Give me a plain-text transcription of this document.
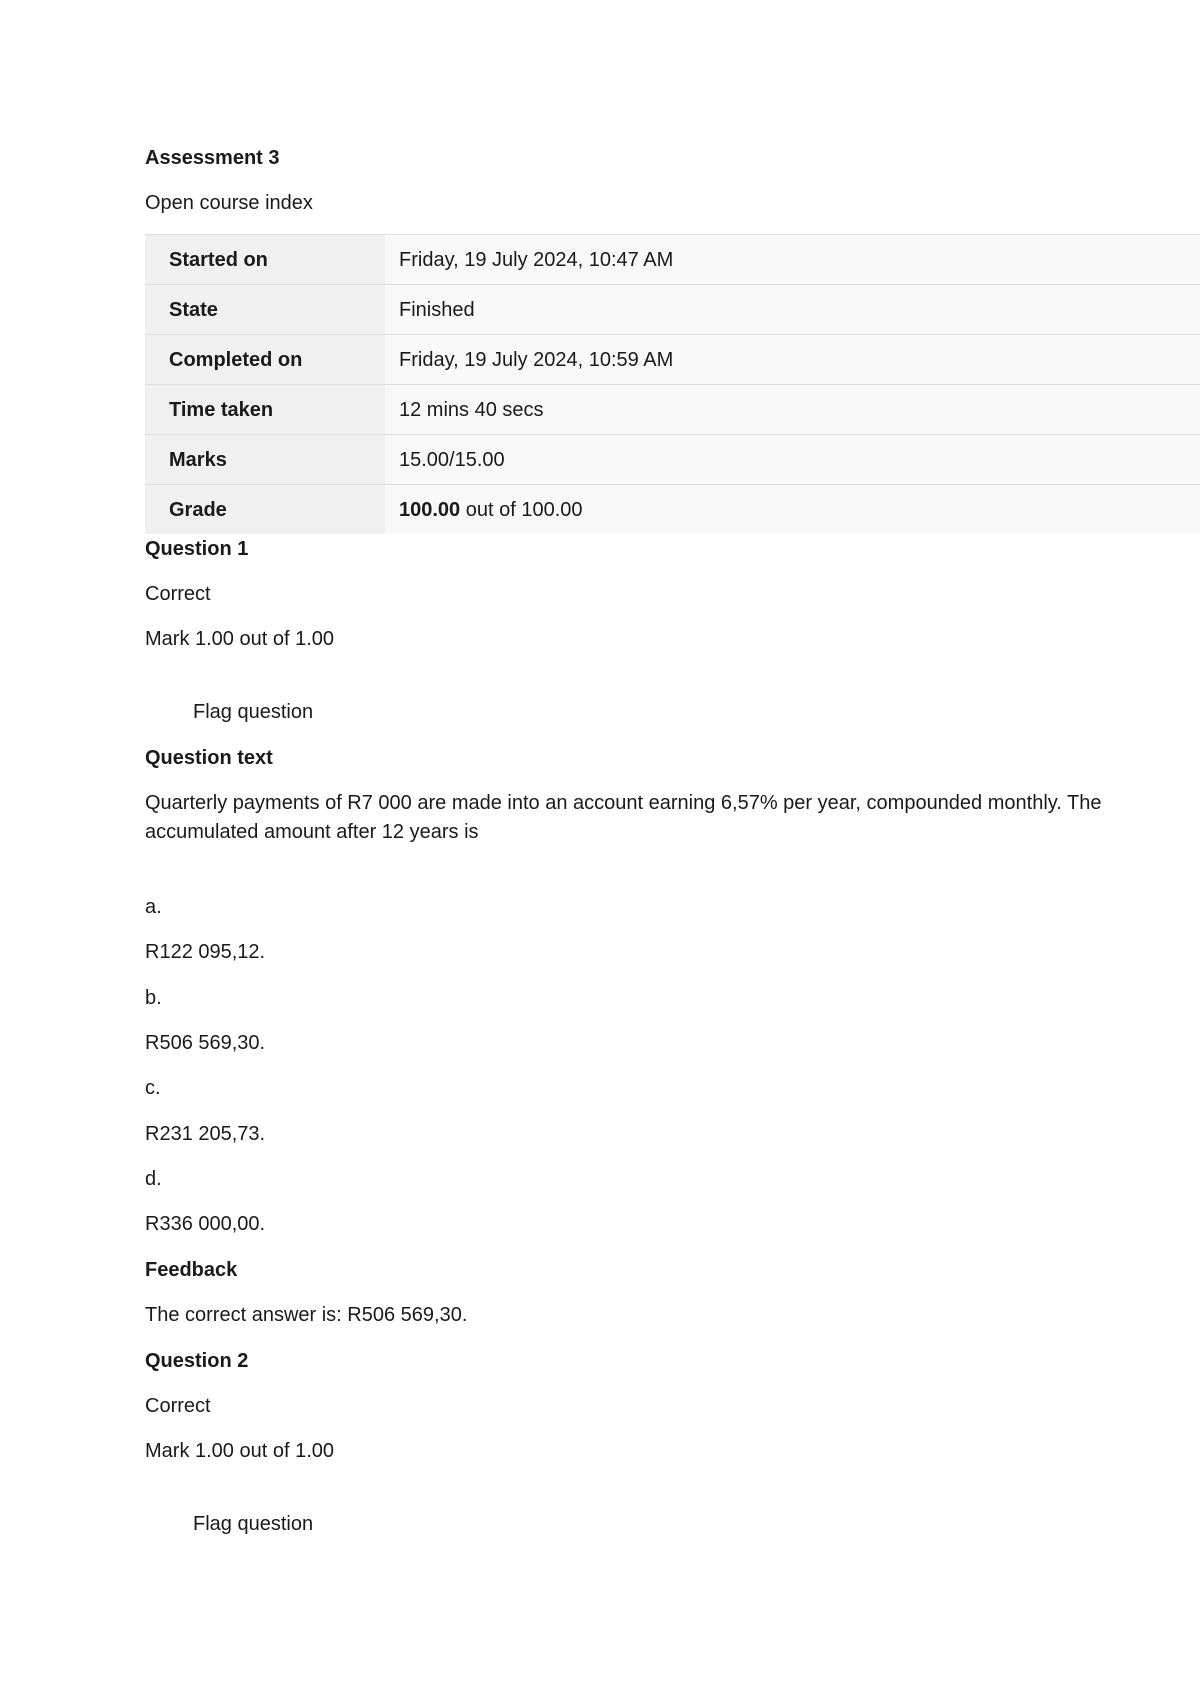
Assessment 3
Open course index
Started on	Friday, 19 July 2024, 10:47 AM
State	Finished
Completed on	Friday, 19 July 2024, 10:59 AM
Time taken	12 mins 40 secs
Marks	15.00/15.00
Grade	100.00 out of 100.00
Question 1
Correct
Mark 1.00 out of 1.00
Flag question
Question text
Quarterly payments of R7 000 are made into an account earning 6,57% per year, compounded monthly. The accumulated amount after 12 years is
a.
R122 095,12.
b.
R506 569,30.
c.
R231 205,73.
d.
R336 000,00.
Feedback
The correct answer is: R506 569,30.
Question 2
Correct
Mark 1.00 out of 1.00
Flag question
